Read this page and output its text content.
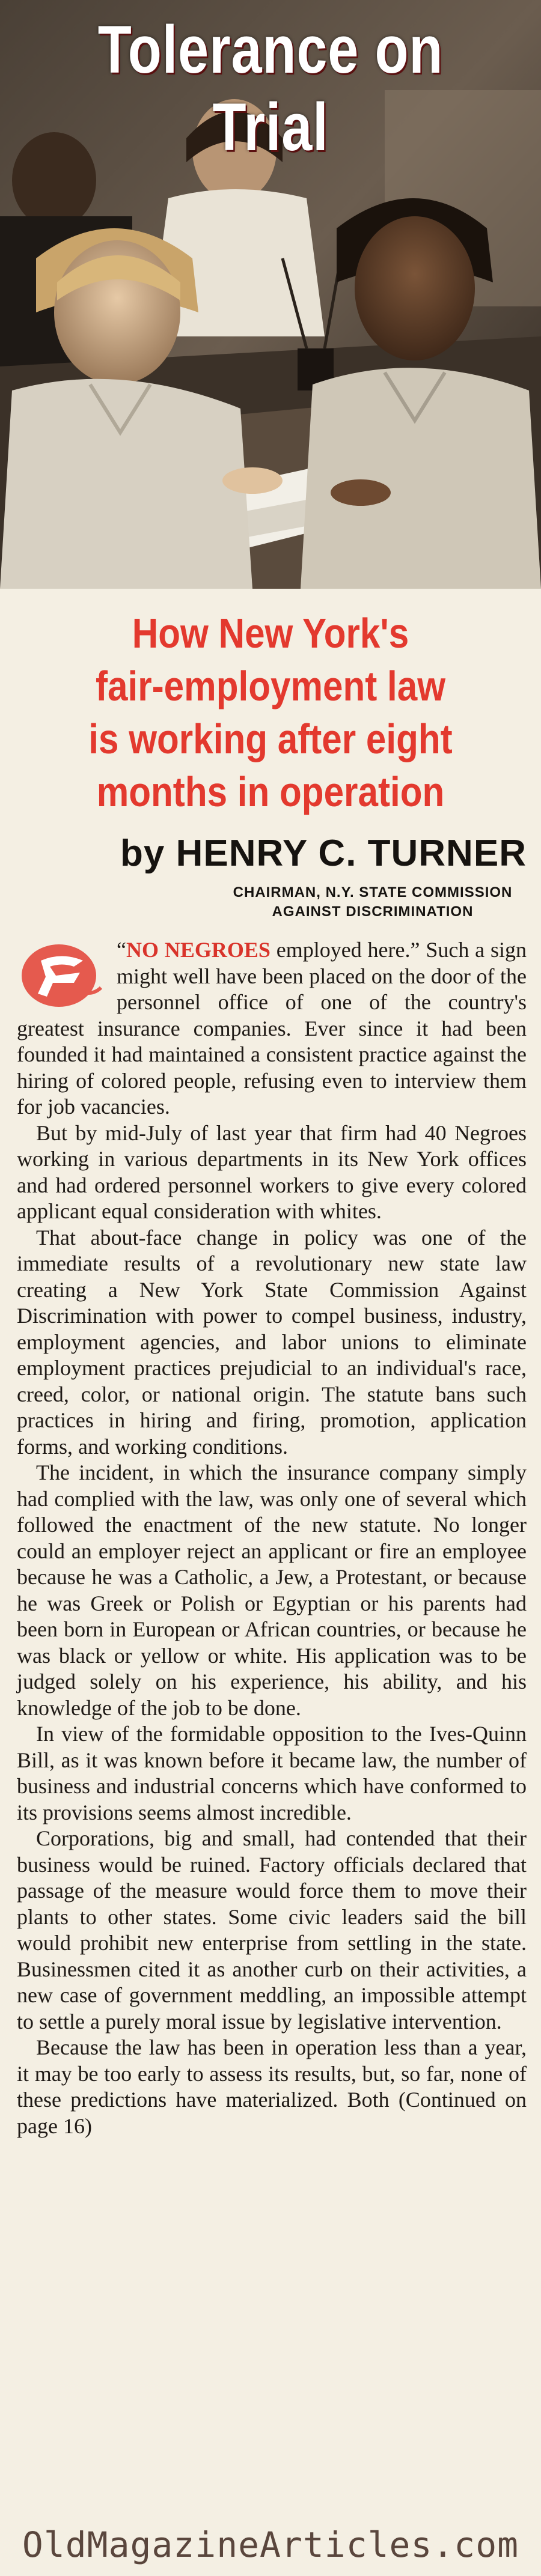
Tolerance on Trial
How New York's
fair-employment law
is working after eight
months in operation
by HENRY C. TURNER
CHAIRMAN, N.Y. STATE COMMISSION
AGAINST DISCRIMINATION

“NO NEGROES employed here.” Such a sign might well have been placed on the door of the personnel office of one of the country's greatest insurance companies. Ever since it had been founded it had maintained a consistent practice against the hiring of colored people, refusing even to interview them for job vacancies.

But by mid-July of last year that firm had 40 Negroes working in various departments in its New York offices and had ordered personnel workers to give every colored applicant equal consideration with whites.

That about-face change in policy was one of the immediate results of a revolutionary new state law creating a New York State Commission Against Discrimination with power to compel business, industry, employment agencies, and labor unions to eliminate employment practices prejudicial to an individual's race, creed, color, or national origin. The statute bans such practices in hiring and firing, promotion, application forms, and working conditions.

The incident, in which the insurance company simply had complied with the law, was only one of several which followed the enactment of the new statute. No longer could an employer reject an applicant or fire an employee because he was a Catholic, a Jew, a Protestant, or because he was Greek or Polish or Egyptian or his parents had been born in European or African countries, or because he was black or yellow or white. His application was to be judged solely on his experience, his ability, and his knowledge of the job to be done.

In view of the formidable opposition to the Ives-Quinn Bill, as it was known before it became law, the number of business and industrial concerns which have conformed to its provisions seems almost incredible.

Corporations, big and small, had contended that their business would be ruined. Factory officials declared that passage of the measure would force them to move their plants to other states. Some civic leaders said the bill would prohibit new enterprise from settling in the state. Businessmen cited it as another curb on their activities, a new case of government meddling, an impossible attempt to settle a purely moral issue by legislative intervention.

Because the law has been in operation less than a year, it may be too early to assess its results, but, so far, none of these predictions have materialized. Both (Continued on page 16)

OldMagazineArticles.com
